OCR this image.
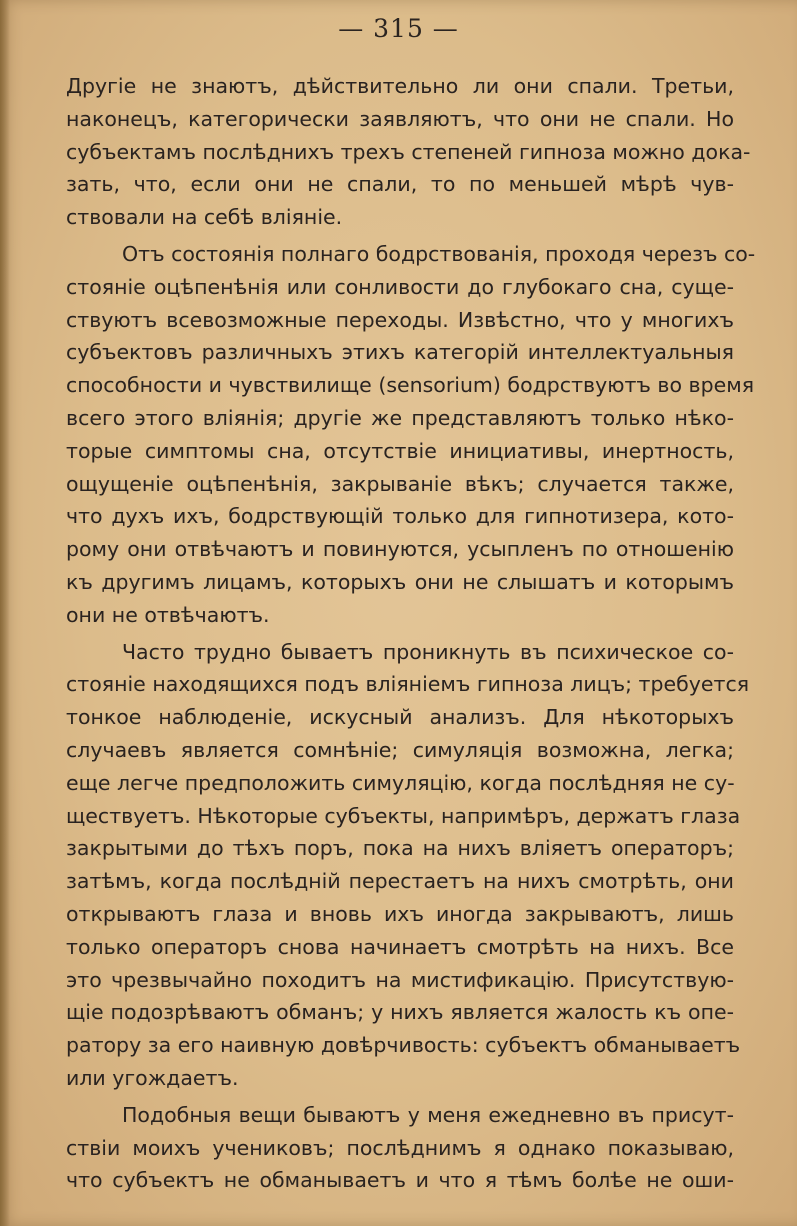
— 315 —

Другіе не знаютъ, дѣйствительно ли они спали. Третьи,
наконецъ, категорически заявляютъ, что они не спали. Но
субъектамъ послѣднихъ трехъ степеней гипноза можно дока-
зать, что, если они не спали, то по меньшей мѣрѣ чув-
ствовали на себѣ вліяніе.

Отъ состоянія полнаго бодрствованія, проходя черезъ со-
стояніе оцѣпенѣнія или сонливости до глубокаго сна, суще-
ствуютъ всевозможные переходы. Извѣстно, что у многихъ
субъектовъ различныхъ этихъ категорій интеллектуальныя
способности и чувствилище (sensorium) бодрствуютъ во время
всего этого вліянія; другіе же представляютъ только нѣко-
торые симптомы сна, отсутствіе инициативы, инертность,
ощущеніе оцѣпенѣнія, закрываніе вѣкъ; случается также,
что духъ ихъ, бодрствующій только для гипнотизера, кото-
рому они отвѣчаютъ и повинуются, усыпленъ по отношенію
къ другимъ лицамъ, которыхъ они не слышатъ и которымъ
они не отвѣчаютъ.

Часто трудно бываетъ проникнуть въ психическое со-
стояніе находящихся подъ вліяніемъ гипноза лицъ; требуется
тонкое наблюденіе, искусный анализъ. Для нѣкоторыхъ
случаевъ является сомнѣніе; симуляція возможна, легка;
еще легче предположить симуляцію, когда послѣдняя не су-
ществуетъ. Нѣкоторые субъекты, напримѣръ, держатъ глаза
закрытыми до тѣхъ поръ, пока на нихъ вліяетъ операторъ;
затѣмъ, когда послѣдній перестаетъ на нихъ смотрѣть, они
открываютъ глаза и вновь ихъ иногда закрываютъ, лишь
только операторъ снова начинаетъ смотрѣть на нихъ. Все
это чрезвычайно походитъ на мистификацію. Присутствую-
щіе подозрѣваютъ обманъ; у нихъ является жалость къ опе-
ратору за его наивную довѣрчивость: субъектъ обманываетъ
или угождаетъ.

Подобныя вещи бываютъ у меня ежедневно въ присут-
ствіи моихъ учениковъ; послѣднимъ я однако показываю,
что субъектъ не обманываетъ и что я тѣмъ болѣе не оши-
